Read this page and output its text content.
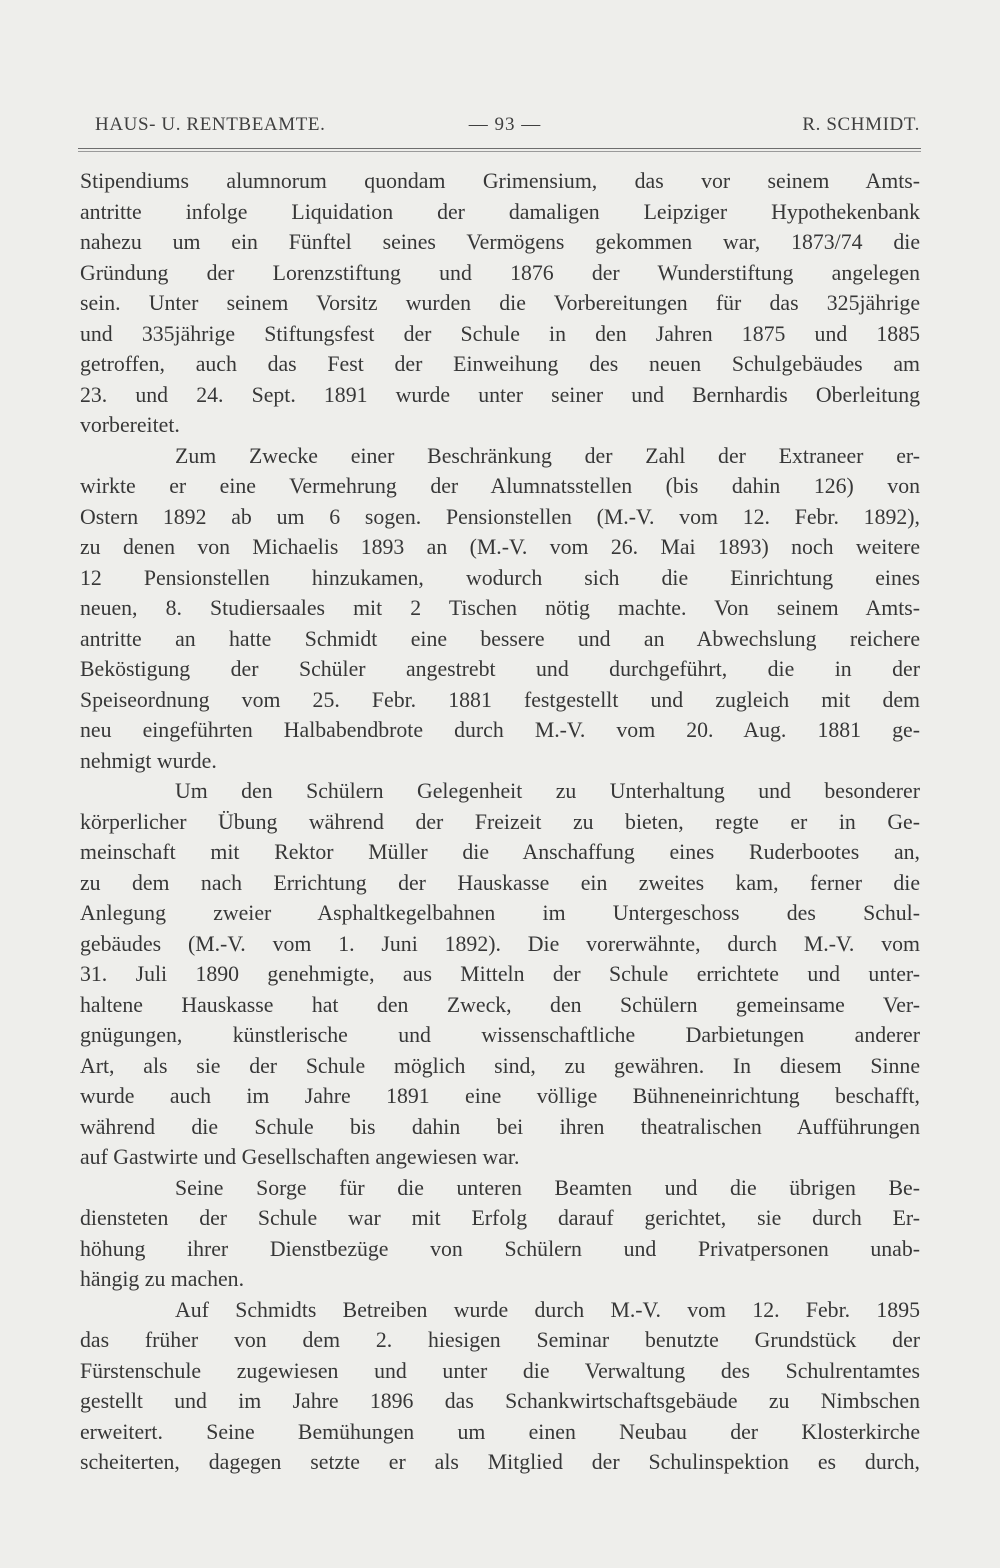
HAUS- U. RENTBEAMTE.	— 93 —	R. SCHMIDT.
Stipendiums alumnorum quondam Grimensium, das vor seinem Amts-
antritte infolge Liquidation der damaligen Leipziger Hypothekenbank
nahezu um ein Fünftel seines Vermögens gekommen war, 1873/74 die
Gründung der Lorenzstiftung und 1876 der Wunderstiftung angelegen
sein. Unter seinem Vorsitz wurden die Vorbereitungen für das 325jährige
und 335jährige Stiftungsfest der Schule in den Jahren 1875 und 1885
getroffen, auch das Fest der Einweihung des neuen Schulgebäudes am
23. und 24. Sept. 1891 wurde unter seiner und Bernhardis Oberleitung
vorbereitet.
Zum Zwecke einer Beschränkung der Zahl der Extraneer er-
wirkte er eine Vermehrung der Alumnatsstellen (bis dahin 126) von
Ostern 1892 ab um 6 sogen. Pensionstellen (M.-V. vom 12. Febr. 1892),
zu denen von Michaelis 1893 an (M.-V. vom 26. Mai 1893) noch weitere
12 Pensionstellen hinzukamen, wodurch sich die Einrichtung eines
neuen, 8. Studiersaales mit 2 Tischen nötig machte. Von seinem Amts-
antritte an hatte Schmidt eine bessere und an Abwechslung reichere
Beköstigung der Schüler angestrebt und durchgeführt, die in der
Speiseordnung vom 25. Febr. 1881 festgestellt und zugleich mit dem
neu eingeführten Halbabendbrote durch M.-V. vom 20. Aug. 1881 ge-
nehmigt wurde.
Um den Schülern Gelegenheit zu Unterhaltung und besonderer
körperlicher Übung während der Freizeit zu bieten, regte er in Ge-
meinschaft mit Rektor Müller die Anschaffung eines Ruderbootes an,
zu dem nach Errichtung der Hauskasse ein zweites kam, ferner die
Anlegung zweier Asphaltkegelbahnen im Untergeschoss des Schul-
gebäudes (M.-V. vom 1. Juni 1892). Die vorerwähnte, durch M.-V. vom
31. Juli 1890 genehmigte, aus Mitteln der Schule errichtete und unter-
haltene Hauskasse hat den Zweck, den Schülern gemeinsame Ver-
gnügungen, künstlerische und wissenschaftliche Darbietungen anderer
Art, als sie der Schule möglich sind, zu gewähren. In diesem Sinne
wurde auch im Jahre 1891 eine völlige Bühneneinrichtung beschafft,
während die Schule bis dahin bei ihren theatralischen Aufführungen
auf Gastwirte und Gesellschaften angewiesen war.
Seine Sorge für die unteren Beamten und die übrigen Be-
diensteten der Schule war mit Erfolg darauf gerichtet, sie durch Er-
höhung ihrer Dienstbezüge von Schülern und Privatpersonen unab-
hängig zu machen.
Auf Schmidts Betreiben wurde durch M.-V. vom 12. Febr. 1895
das früher von dem 2. hiesigen Seminar benutzte Grundstück der
Fürstenschule zugewiesen und unter die Verwaltung des Schulrentamtes
gestellt und im Jahre 1896 das Schankwirtschaftsgebäude zu Nimbschen
erweitert. Seine Bemühungen um einen Neubau der Klosterkirche
scheiterten, dagegen setzte er als Mitglied der Schulinspektion es durch,
